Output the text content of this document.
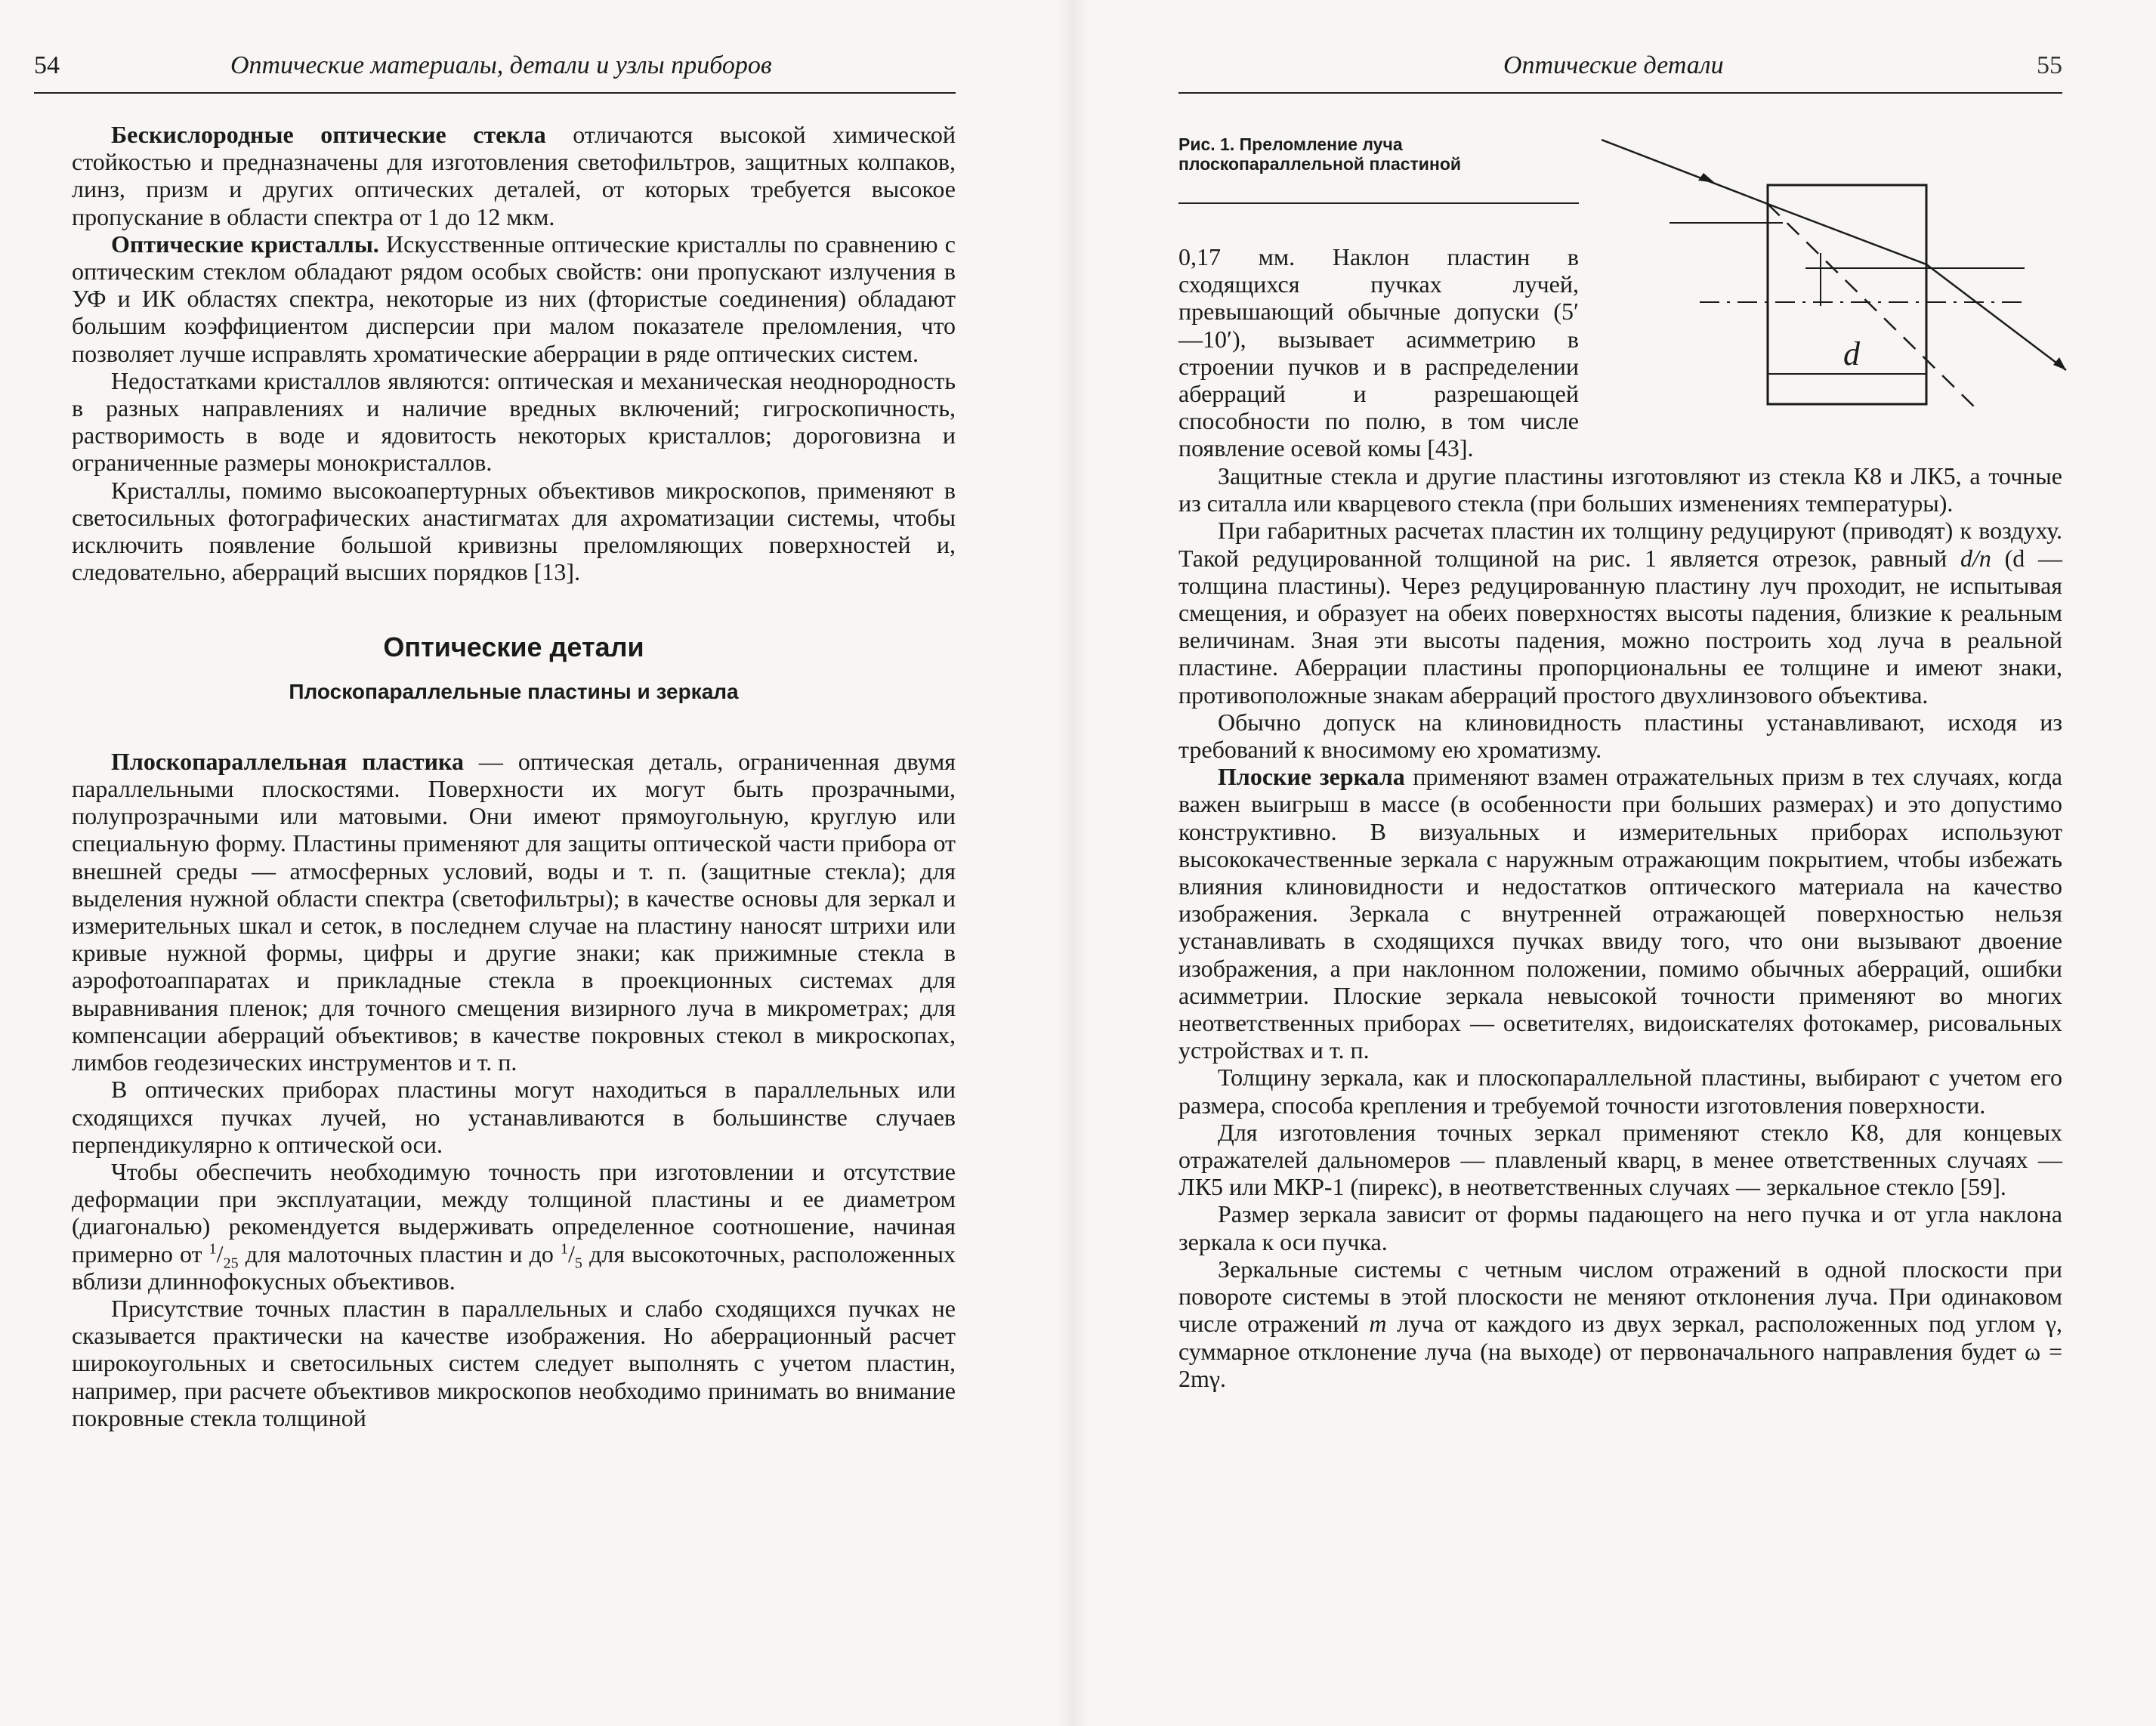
54	Оптические материалы, детали и узлы приборов

Бескислородные оптические стекла отличаются высокой химической стойкостью и предназначены для изготовления светофильтров, защитных колпаков, линз, призм и других оптических деталей, от которых требуется высокое пропускание в области спектра от 1 до 12 мкм.

Оптические кристаллы. Искусственные оптические кристаллы по сравнению с оптическим стеклом обладают рядом особых свойств: они пропускают излучения в УФ и ИК областях спектра, некоторые из них (фтористые соединения) обладают большим коэффициентом дисперсии при малом показателе преломления, что позволяет лучше исправлять хроматические аберрации в ряде оптических систем.

Недостатками кристаллов являются: оптическая и механическая неоднородность в разных направлениях и наличие вредных включений; гигроскопичность, растворимость в воде и ядовитость некоторых кристаллов; дороговизна и ограниченные размеры монокристаллов.

Кристаллы, помимо высокоапертурных объективов микроскопов, применяют в светосильных фотографических анастигматах для ахроматизации системы, чтобы исключить появление большой кривизны преломляющих поверхностей и, следовательно, аберраций высших порядков [13].

Оптические детали
Плоскопараллельные пластины и зеркала

Плоскопараллельная пластика — оптическая деталь, ограниченная двумя параллельными плоскостями. Поверхности их могут быть прозрачными, полупрозрачными или матовыми. Они имеют прямоугольную, круглую или специальную форму. Пластины применяют для защиты оптической части прибора от внешней среды — атмосферных условий, воды и т. п. (защитные стекла); для выделения нужной области спектра (светофильтры); в качестве основы для зеркал и измерительных шкал и сеток, в последнем случае на пластину наносят штрихи или кривые нужной формы, цифры и другие знаки; как прижимные стекла в аэрофотоаппаратах и прикладные стекла в проекционных системах для выравнивания пленок; для точного смещения визирного луча в микрометрах; для компенсации аберраций объективов; в качестве покровных стекол в микроскопах, лимбов геодезических инструментов и т. п.

В оптических приборах пластины могут находиться в параллельных или сходящихся пучках лучей, но устанавливаются в большинстве случаев перпендикулярно к оптической оси.

Чтобы обеспечить необходимую точность при изготовлении и отсутствие деформации при эксплуатации, между толщиной пластины и ее диаметром (диагональю) рекомендуется выдерживать определенное соотношение, начиная примерно от $^1/_{25}$ для малоточных пластин и до $^1/_5$ для высокоточных, расположенных вблизи длиннофокусных объективов.

Присутствие точных пластин в параллельных и слабо сходящихся пучках не сказывается практически на качестве изображения. Но аберрационный расчет широкоугольных и светосильных систем следует выполнять с учетом пластин, например, при расчете объективов микроскопов необходимо принимать во внимание покровные стекла толщиной

Оптические детали	55
Рис. 1. Преломление луча плоскопараллельной пластиной
d

0,17 мм. Наклон пластин в сходящихся пучках лучей, превышающий обычные допуски (5′—10′), вызывает асимметрию в строении пучков и в распределении аберраций и разрешающей способности по полю, в том числе появление осевой комы [43].

Защитные стекла и другие пластины изготовляют из стекла К8 и ЛК5, а точные из ситалла или кварцевого стекла (при больших изменениях температуры).

При габаритных расчетах пластин их толщину редуцируют (приводят) к воздуху. Такой редуцированной толщиной на рис. 1 является отрезок, равный d/n (d — толщина пластины). Через редуцированную пластину луч проходит, не испытывая смещения, и образует на обеих поверхностях высоты падения, близкие к реальным величинам. Зная эти высоты падения, можно построить ход луча в реальной пластине. Аберрации пластины пропорциональны ее толщине и имеют знаки, противоположные знакам аберраций простого двухлинзового объектива.

Обычно допуск на клиновидность пластины устанавливают, исходя из требований к вносимому ею хроматизму.

Плоские зеркала применяют взамен отражательных призм в тех случаях, когда важен выигрыш в массе (в особенности при больших размерах) и это допустимо конструктивно. В визуальных и измерительных приборах используют высококачественные зеркала с наружным отражающим покрытием, чтобы избежать влияния клиновидности и недостатков оптического материала на качество изображения. Зеркала с внутренней отражающей поверхностью нельзя устанавливать в сходящихся пучках ввиду того, что они вызывают двоение изображения, а при наклонном положении, помимо обычных аберраций, ошибки асимметрии. Плоские зеркала невысокой точности применяют во многих неответственных приборах — осветителях, видоискателях фотокамер, рисовальных устройствах и т. п.

Толщину зеркала, как и плоскопараллельной пластины, выбирают с учетом его размера, способа крепления и требуемой точности изготовления поверхности.

Для изготовления точных зеркал применяют стекло К8, для концевых отражателей дальномеров — плавленый кварц, в менее ответственных случаях — ЛК5 или МКР-1 (пирекс), в неответственных случаях — зеркальное стекло [59].

Размер зеркала зависит от формы падающего на него пучка и от угла наклона зеркала к оси пучка.

Зеркальные системы с четным числом отражений в одной плоскости при повороте системы в этой плоскости не меняют отклонения луча. При одинаковом числе отражений m луча от каждого из двух зеркал, расположенных под углом γ, суммарное отклонение луча (на выходе) от первоначального направления будет ω = 2mγ.
